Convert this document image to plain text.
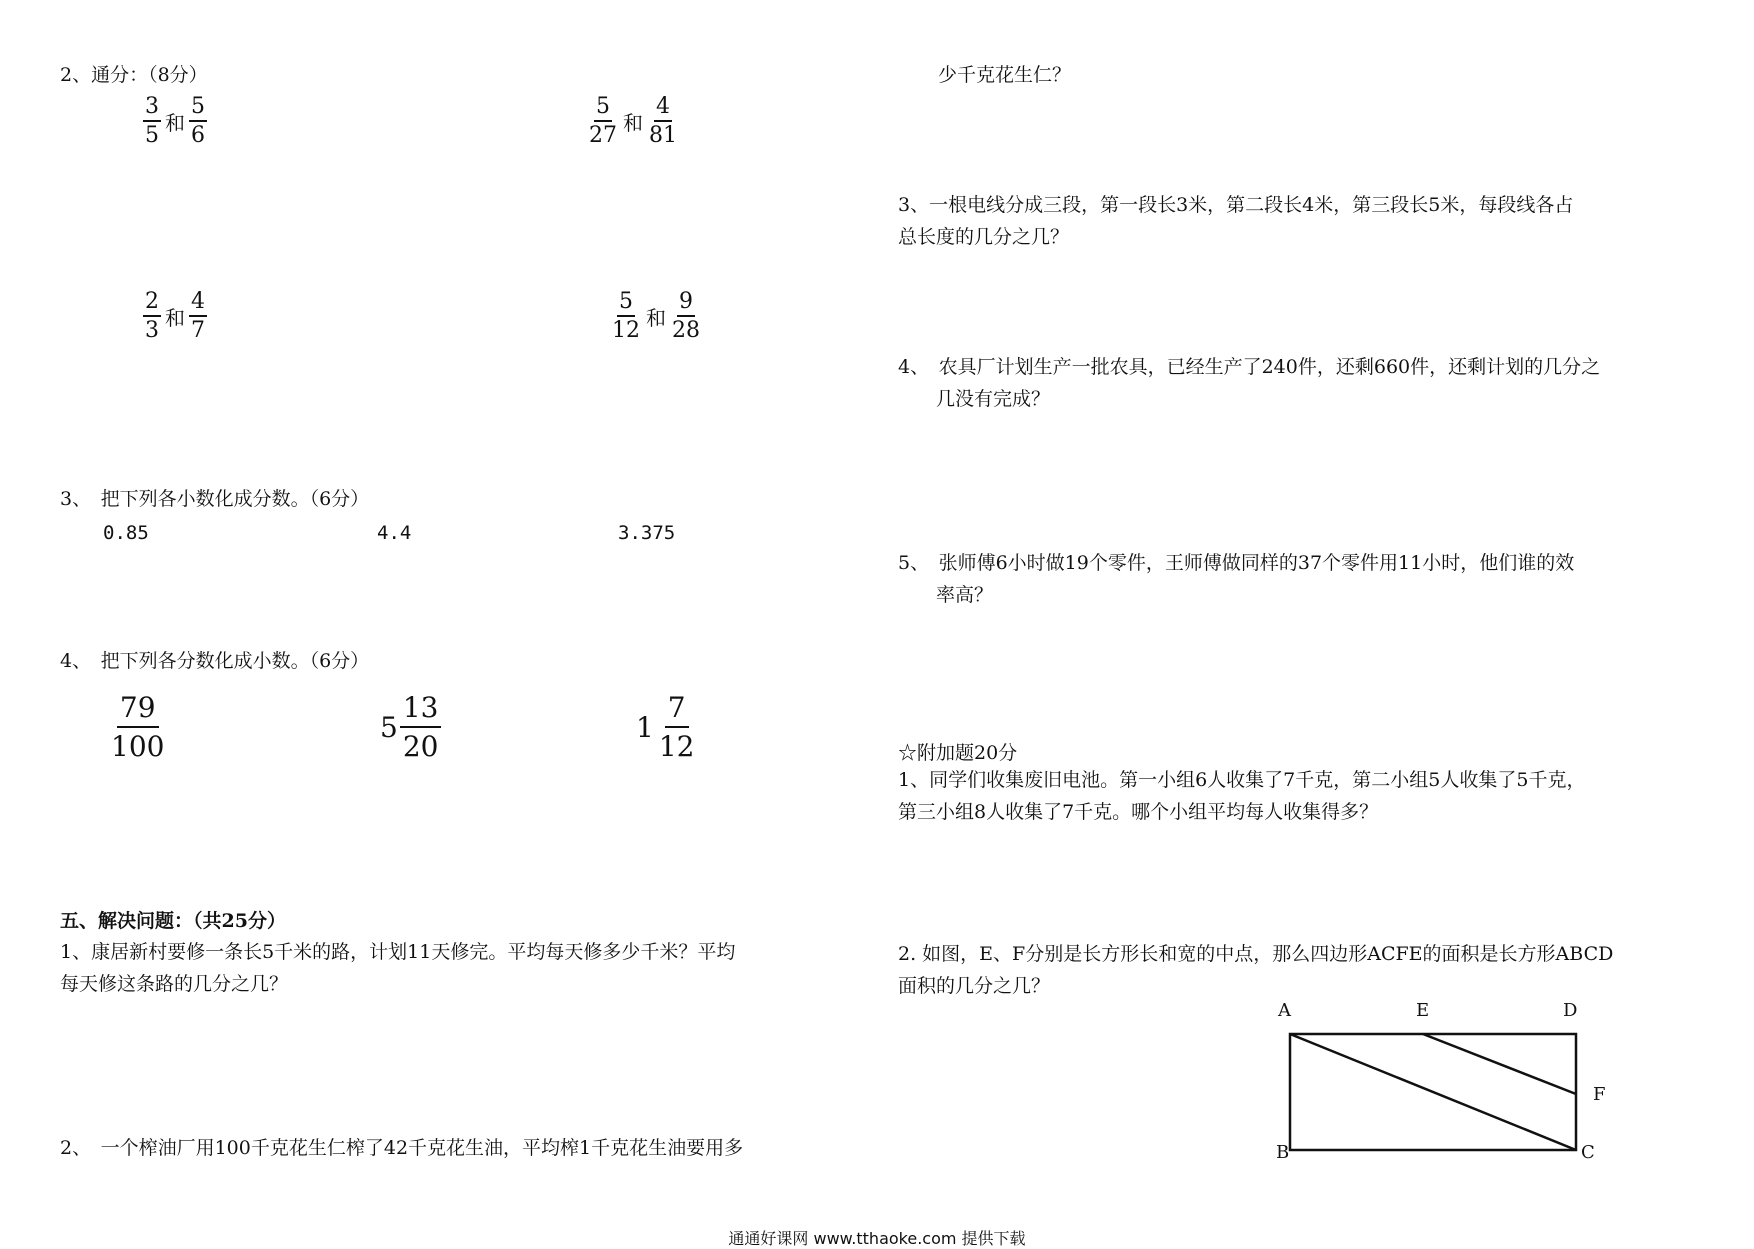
2、通分：（8分）
$\frac{3}{5}$ 和 $\frac{5}{6}$	$\frac{5}{27}$ 和 $\frac{4}{81}$
$\frac{2}{3}$ 和 $\frac{4}{7}$	$\frac{5}{12}$ 和 $\frac{9}{28}$
3、　把下列各小数化成分数。（6分）
0.85	4.4	3.375
4、　把下列各分数化成小数。（6分）
$\frac{79}{100}$	$5 \frac{13}{20}$	$1 \frac{7}{12}$
五、解决问题：（共25分）
1、康居新村要修一条长5千米的路，计划11天修完。平均每天修多少千米？平均
每天修这条路的几分之几？
2、　一个榨油厂用100千克花生仁榨了42千克花生油，平均榨1千克花生油要用多
少千克花生仁？
3、一根电线分成三段，第一段长3米，第二段长4米，第三段长5米，每段线各占
总长度的几分之几？
4、　农具厂计划生产一批农具，已经生产了240件，还剩660件，还剩计划的几分之
几没有完成？
5、　张师傅6小时做19个零件，王师傅做同样的37个零件用11小时，他们谁的效
率高？
☆附加题20分
1、同学们收集废旧电池。第一小组6人收集了7千克，第二小组5人收集了5千克，
第三小组8人收集了7千克。哪个小组平均每人收集得多？
2. 如图，E、F分别是长方形长和宽的中点，那么四边形ACFE的面积是长方形ABCD
面积的几分之几？
A	E	D
F
B	C
通通好课网 www.tthaoke.com 提供下载
